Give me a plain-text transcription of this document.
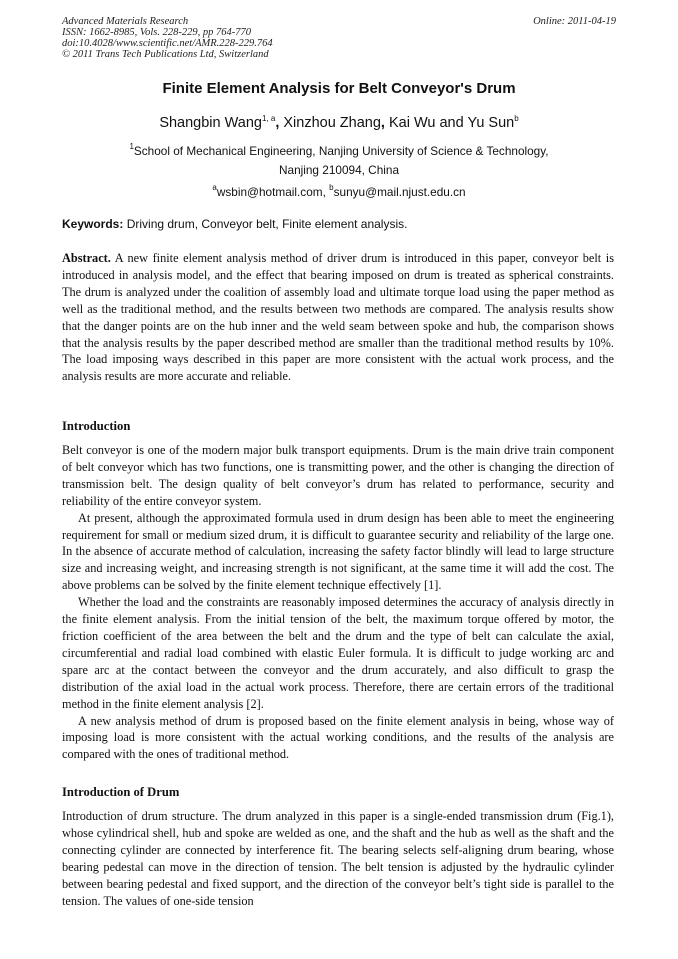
Advanced Materials Research
ISSN: 1662-8985, Vols. 228-229, pp 764-770
doi:10.4028/www.scientific.net/AMR.228-229.764
© 2011 Trans Tech Publications Ltd, Switzerland
Online: 2011-04-19
Finite Element Analysis for Belt Conveyor's Drum
Shangbin Wang$^{1, a}$, Xinzhou Zhang, Kai Wu and Yu Sun$^b$
$^1$School of Mechanical Engineering, Nanjing University of Science & Technology,
Nanjing 210094, China
$^a$wsbin@hotmail.com, $^b$sunyu@mail.njust.edu.cn
Keywords: Driving drum, Conveyor belt, Finite element analysis.

Abstract. A new finite element analysis method of driver drum is introduced in this paper, conveyor belt is introduced in analysis model, and the effect that bearing imposed on drum is treated as spherical constraints. The drum is analyzed under the coalition of assembly load and ultimate torque load using the paper method as well as the traditional method, and the results between two methods are compared. The analysis results show that the danger points are on the hub inner and the weld seam between spoke and hub, the comparison shows that the analysis results by the paper described method are smaller than the traditional method results by 10%. The load imposing ways described in this paper are more consistent with the actual work process, and the analysis results are more accurate and reliable.

Introduction

Belt conveyor is one of the modern major bulk transport equipments. Drum is the main drive train component of belt conveyor which has two functions, one is transmitting power, and the other is changing the direction of transmission belt. The design quality of belt conveyor’s drum has related to performance, security and reliability of the entire conveyor system.

At present, although the approximated formula used in drum design has been able to meet the engineering requirement for small or medium sized drum, it is difficult to guarantee security and reliability of the large one. In the absence of accurate method of calculation, increasing the safety factor blindly will lead to large structure size and increasing weight, and increasing strength is not significant, at the same time it will add the cost. The above problems can be solved by the finite element technique effectively [1].

Whether the load and the constraints are reasonably imposed determines the accuracy of analysis directly in the finite element analysis. From the initial tension of the belt, the maximum torque offered by motor, the friction coefficient of the area between the belt and the drum and the type of belt can calculate the axial, circumferential and radial load combined with elastic Euler formula. It is difficult to judge working arc and spare arc at the contact between the conveyor and the drum accurately, and also difficult to grasp the distribution of the axial load in the actual work process. Therefore, there are certain errors of the traditional method in the finite element analysis [2].

A new analysis method of drum is proposed based on the finite element analysis in being, whose way of imposing load is more consistent with the actual working conditions, and the results of the analysis are compared with the ones of traditional method.

Introduction of Drum

Introduction of drum structure. The drum analyzed in this paper is a single-ended transmission drum (Fig.1), whose cylindrical shell, hub and spoke are welded as one, and the shaft and the hub as well as the shaft and the connecting cylinder are connected by interference fit. The bearing selects self-aligning drum bearing, whose bearing pedestal can move in the direction of tension. The belt tension is adjusted by the hydraulic cylinder between bearing pedestal and fixed support, and the direction of the conveyor belt’s tight side is parallel to the tension. The values of one-side tension
